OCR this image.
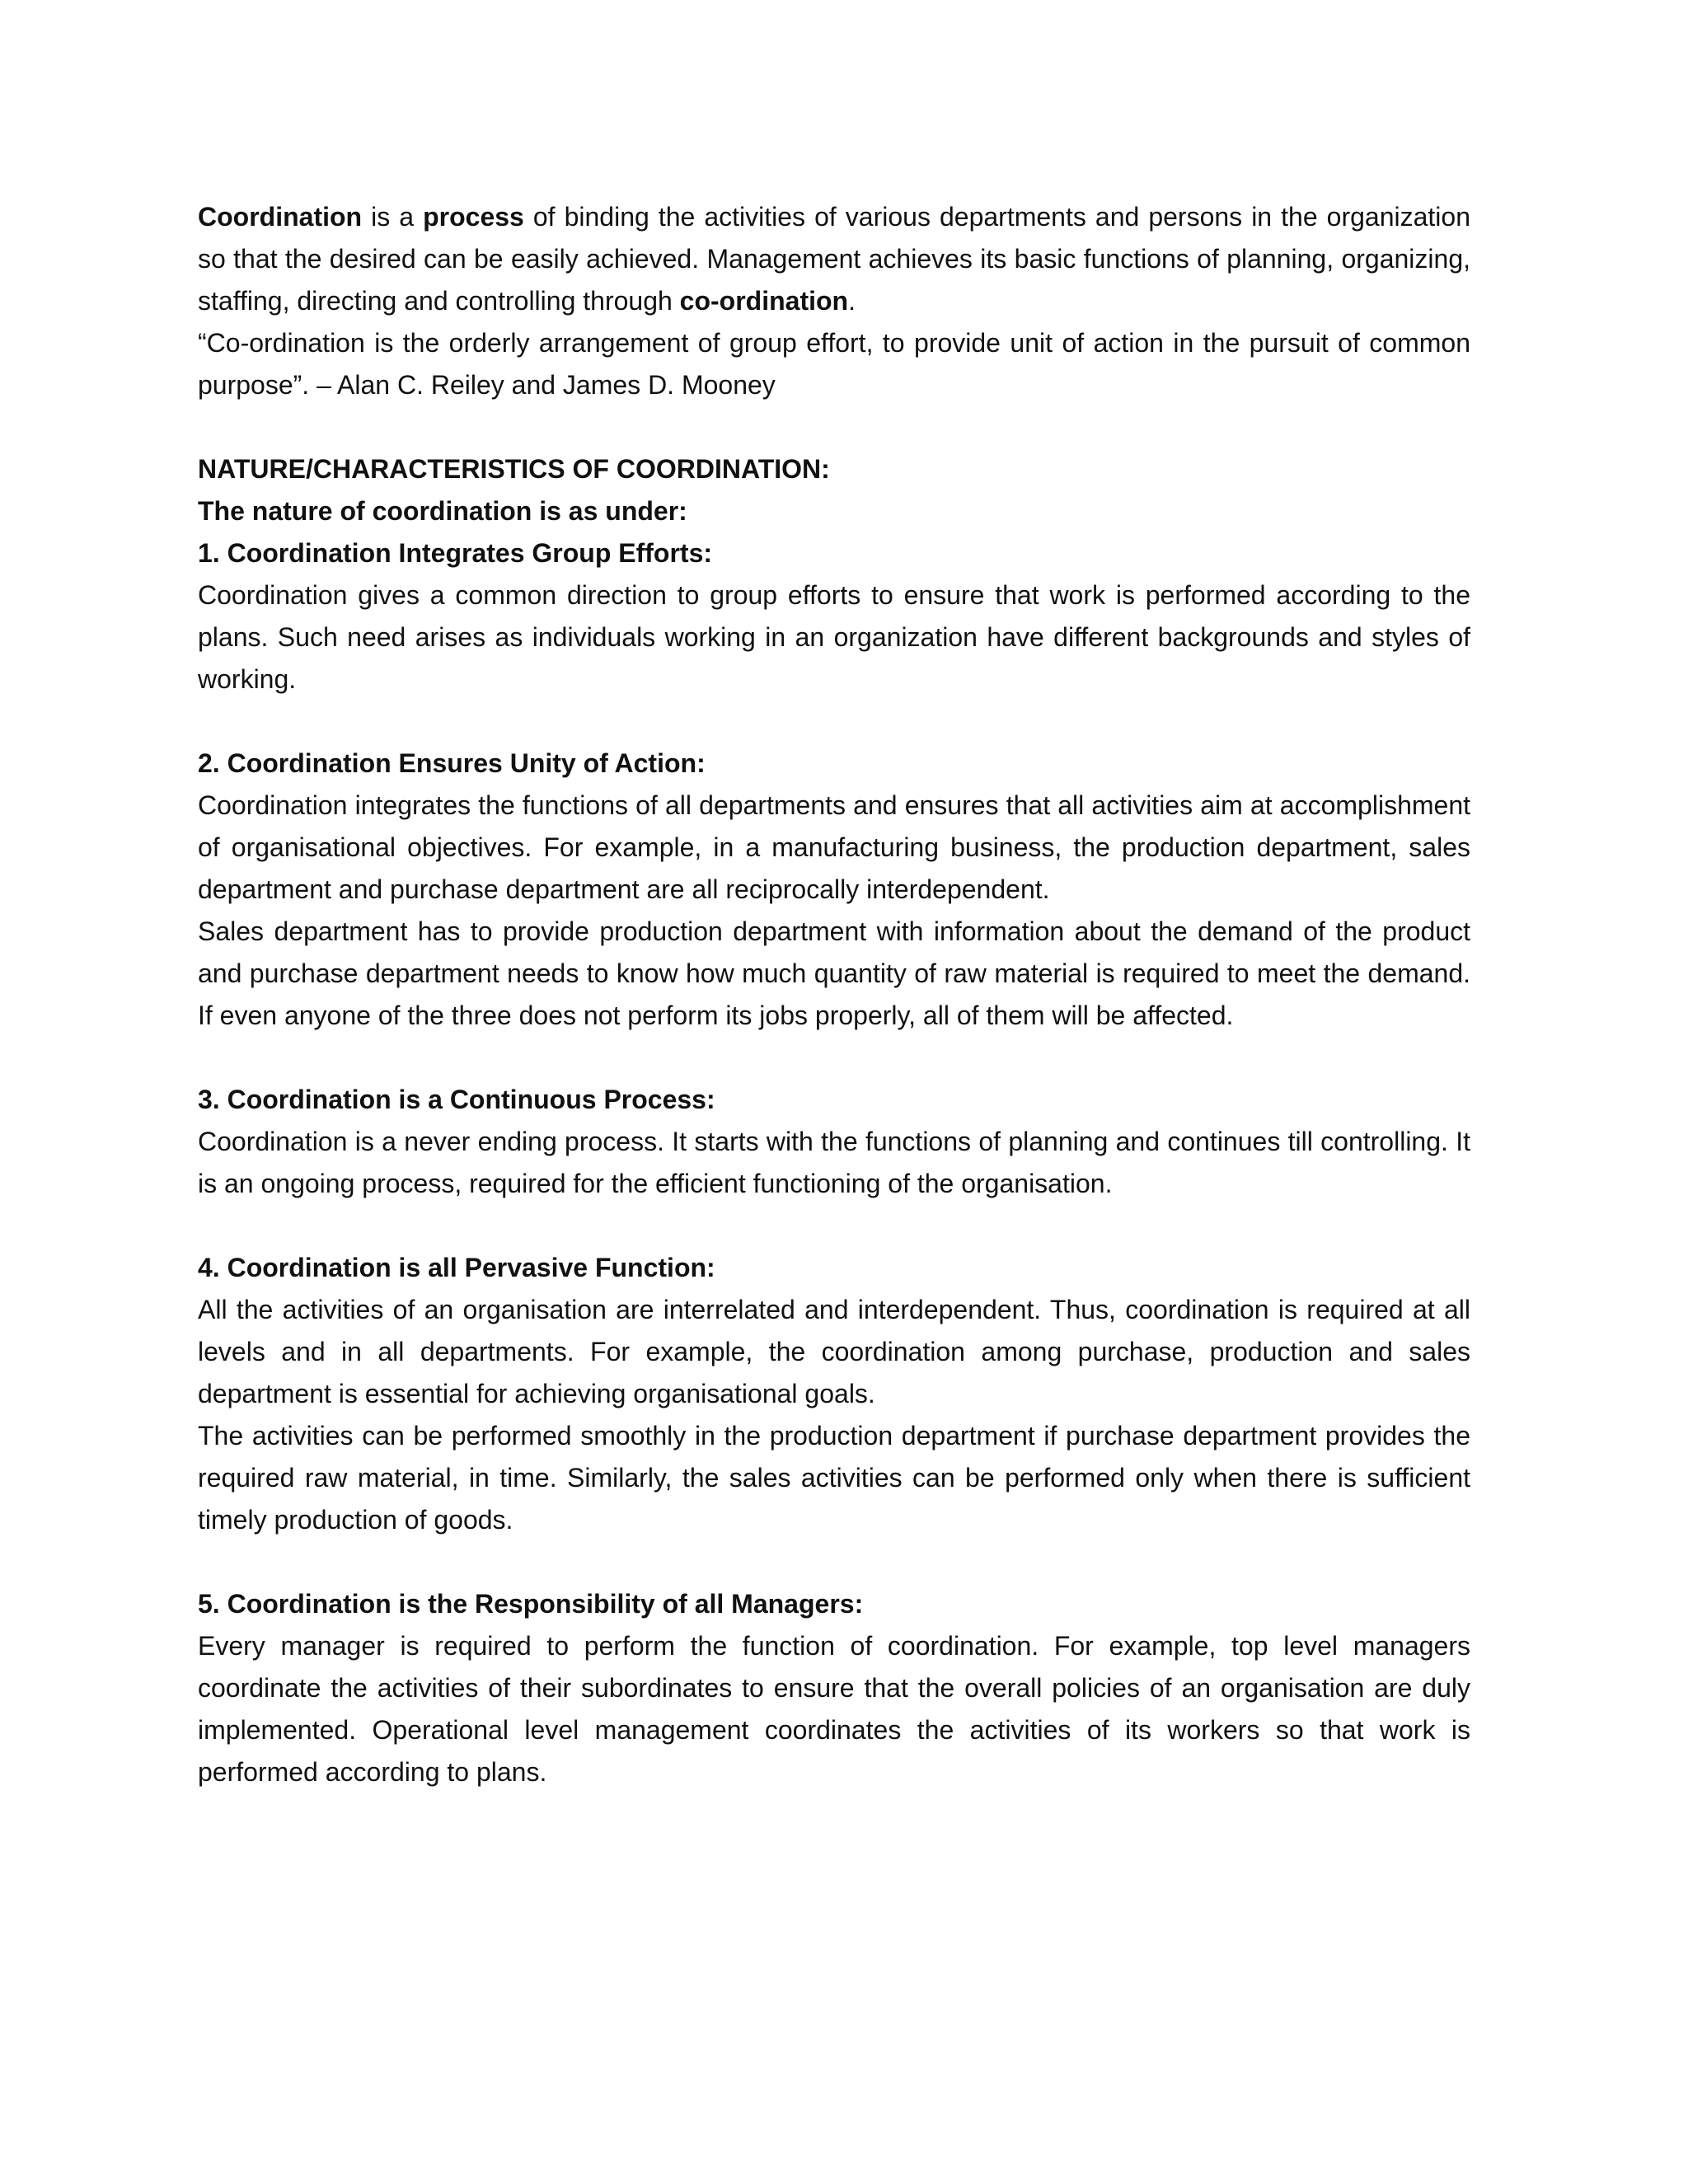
Coordination is a process of binding the activities of various departments and persons in the organization so that the desired can be easily achieved. Management achieves its basic functions of planning, organizing, staffing, directing and controlling through co-ordination.

“Co-ordination is the orderly arrangement of group effort, to provide unit of action in the pursuit of common purpose”. – Alan C. Reiley and James D. Mooney

NATURE/CHARACTERISTICS OF COORDINATION:

The nature of coordination is as under:

1. Coordination Integrates Group Efforts:

Coordination gives a common direction to group efforts to ensure that work is performed according to the plans. Such need arises as individuals working in an organization have different backgrounds and styles of working.

2. Coordination Ensures Unity of Action:

Coordination integrates the functions of all departments and ensures that all activities aim at accomplishment of organisational objectives. For example, in a manufacturing business, the production department, sales department and purchase department are all reciprocally interdependent.

Sales department has to provide production department with information about the demand of the product and purchase department needs to know how much quantity of raw material is required to meet the demand. If even anyone of the three does not perform its jobs properly, all of them will be affected.

3. Coordination is a Continuous Process:

Coordination is a never ending process. It starts with the functions of planning and continues till controlling. It is an ongoing process, required for the efficient functioning of the organisation.

4. Coordination is all Pervasive Function:

All the activities of an organisation are interrelated and interdependent. Thus, coordination is required at all levels and in all departments. For example, the coordination among purchase, production and sales department is essential for achieving organisational goals.

The activities can be performed smoothly in the production department if purchase department provides the required raw material, in time. Similarly, the sales activities can be performed only when there is sufficient timely production of goods.

5. Coordination is the Responsibility of all Managers:

Every manager is required to perform the function of coordination. For example, top level managers coordinate the activities of their subordinates to ensure that the overall policies of an organisation are duly implemented. Operational level management coordinates the activities of its workers so that work is performed according to plans.
